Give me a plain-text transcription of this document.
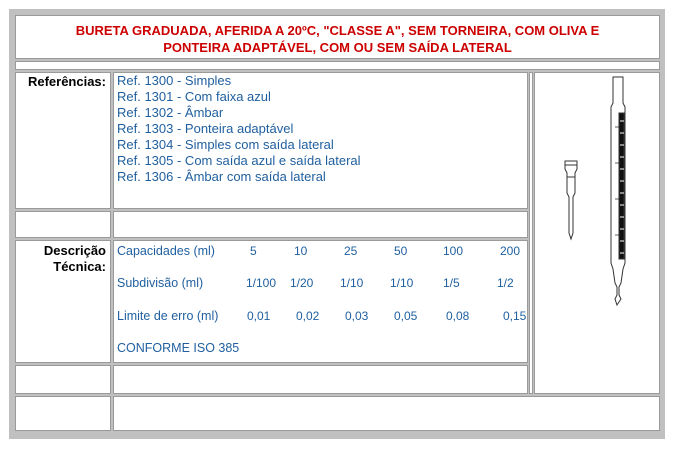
BURETA GRADUADA, AFERIDA A 20ºC, "CLASSE A", SEM TORNEIRA, COM OLIVA E PONTEIRA ADAPTÁVEL, COM OU SEM SAÍDA LATERAL
Referências: Ref. 1300 - Simples
Ref. 1301 - Com faixa azul
Ref. 1302 - Âmbar
Ref. 1303 - Ponteira adaptável
Ref. 1304 - Simples com saída lateral
Ref. 1305 - Com saída azul e saída lateral
Ref. 1306 - Âmbar com saída lateral
Descrição
Técnica:
Capacidades (ml)	5	10	25	50	100	200
Subdivisão (ml)	1/100 1/20 1/10 1/10 1/5	1/2
Limite de erro (ml) 0,01 0,02 0,03 0,05 0,08	0,15
CONFORME ISO 385
